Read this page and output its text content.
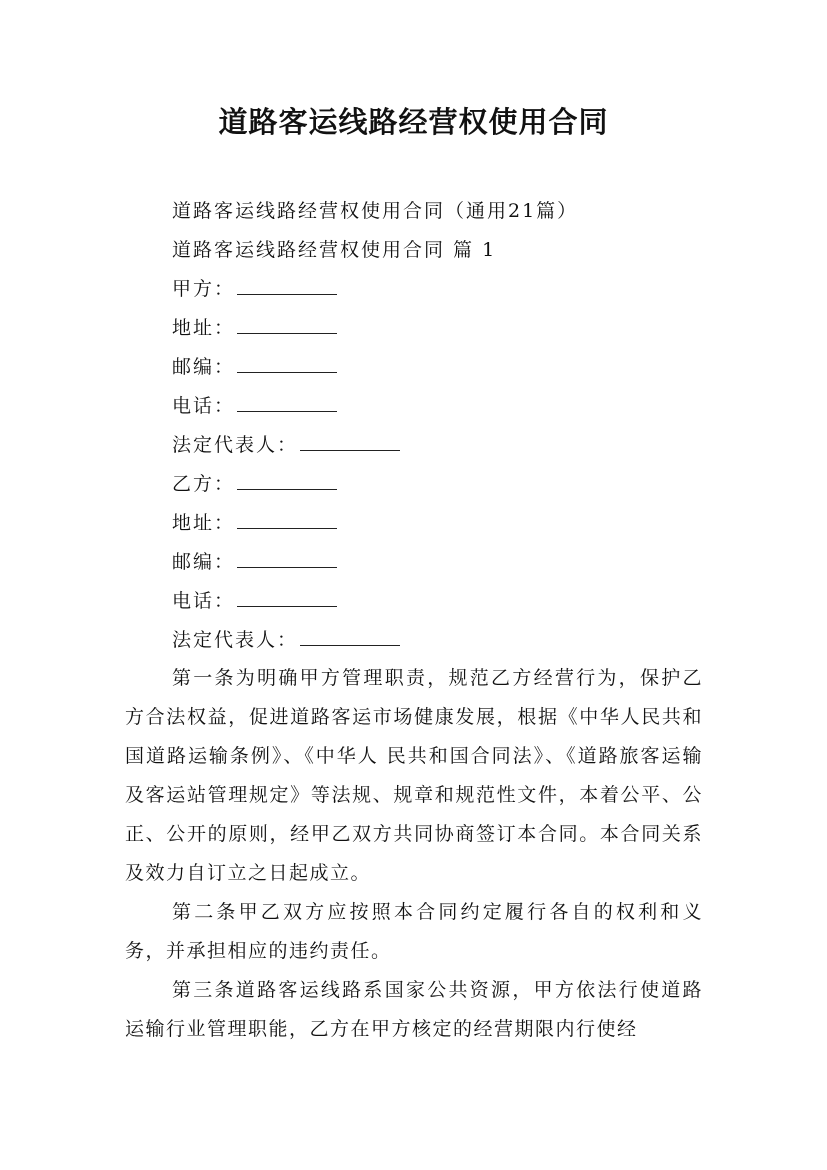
道路客运线路经营权使用合同
道路客运线路经营权使用合同（通用21篇）
道路客运线路经营权使用合同 篇 1
甲方：
地址：
邮编：
电话：
法定代表人：
乙方：
地址：
邮编：
电话：
法定代表人：
第一条为明确甲方管理职责，规范乙方经营行为，保护乙方合法权益，促进道路客运市场健康发展，根据《中华人民共和国道路运输条例》、《中华人 民共和国合同法》、《道路旅客运输及客运站管理规定》等法规、规章和规范性文件，本着公平、公正、公开的原则，经甲乙双方共同协商签订本合同。本合同关系 及效力自订立之日起成立。
第二条甲乙双方应按照本合同约定履行各自的权利和义务，并承担相应的违约责任。
第三条道路客运线路系国家公共资源，甲方依法行使道路运输行业管理职能，乙方在甲方核定的经营期限内行使经
